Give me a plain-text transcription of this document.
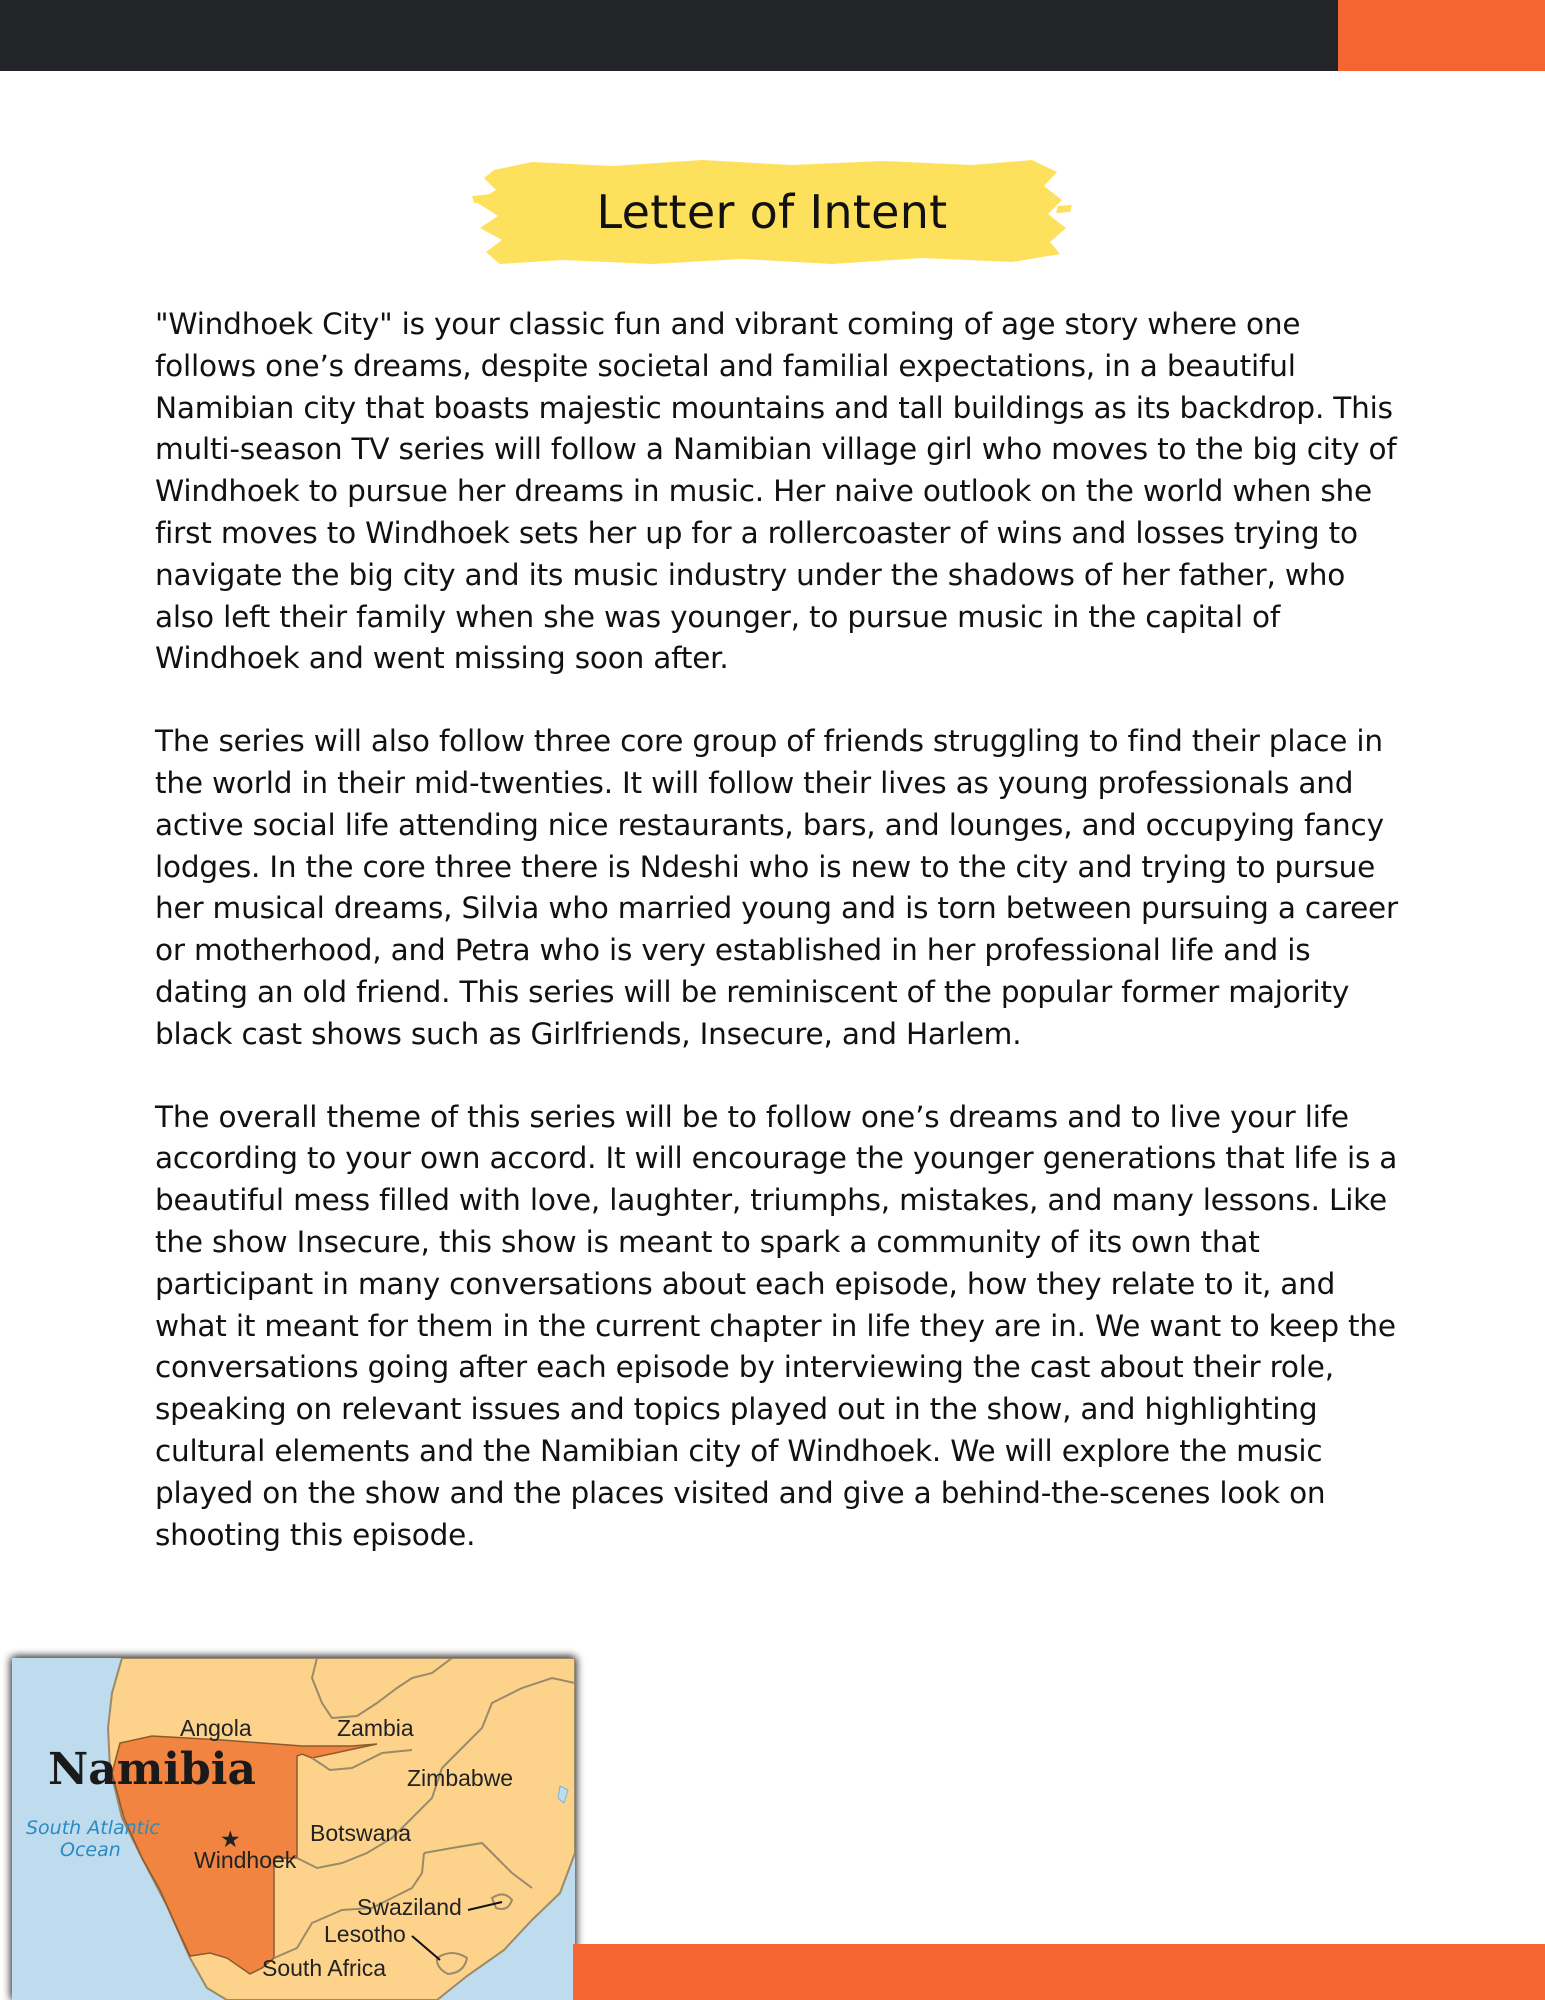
Letter of Intent

"Windhoek City" is your classic fun and vibrant coming of age story where one follows one’s dreams, despite societal and familial expectations, in a beautiful Namibian city that boasts majestic mountains and tall buildings as its backdrop. This multi-season TV series will follow a Namibian village girl who moves to the big city of Windhoek to pursue her dreams in music. Her naive outlook on the world when she first moves to Windhoek sets her up for a rollercoaster of wins and losses trying to navigate the big city and its music industry under the shadows of her father, who also left their family when she was younger, to pursue music in the capital of Windhoek and went missing soon after.

The series will also follow three core group of friends struggling to find their place in the world in their mid-twenties. It will follow their lives as young professionals and active social life attending nice restaurants, bars, and lounges, and occupying fancy lodges. In the core three there is Ndeshi who is new to the city and trying to pursue her musical dreams, Silvia who married young and is torn between pursuing a career or motherhood, and Petra who is very established in her professional life and is dating an old friend. This series will be reminiscent of the popular former majority black cast shows such as Girlfriends, Insecure, and Harlem.

The overall theme of this series will be to follow one’s dreams and to live your life according to your own accord. It will encourage the younger generations that life is a beautiful mess filled with love, laughter, triumphs, mistakes, and many lessons. Like the show Insecure, this show is meant to spark a community of its own that participant in many conversations about each episode, how they relate to it, and what it meant for them in the current chapter in life they are in. We want to keep the conversations going after each episode by interviewing the cast about their role, speaking on relevant issues and topics played out in the show, and highlighting cultural elements and the Namibian city of Windhoek. We will explore the music played on the show and the places visited and give a behind-the-scenes look on shooting this episode.

Angola	Zambia
Zimbabwe
Botswana
Swaziland
Lesotho
South Africa
Namibia
South Atlantic
Ocean	★
Windhoek
